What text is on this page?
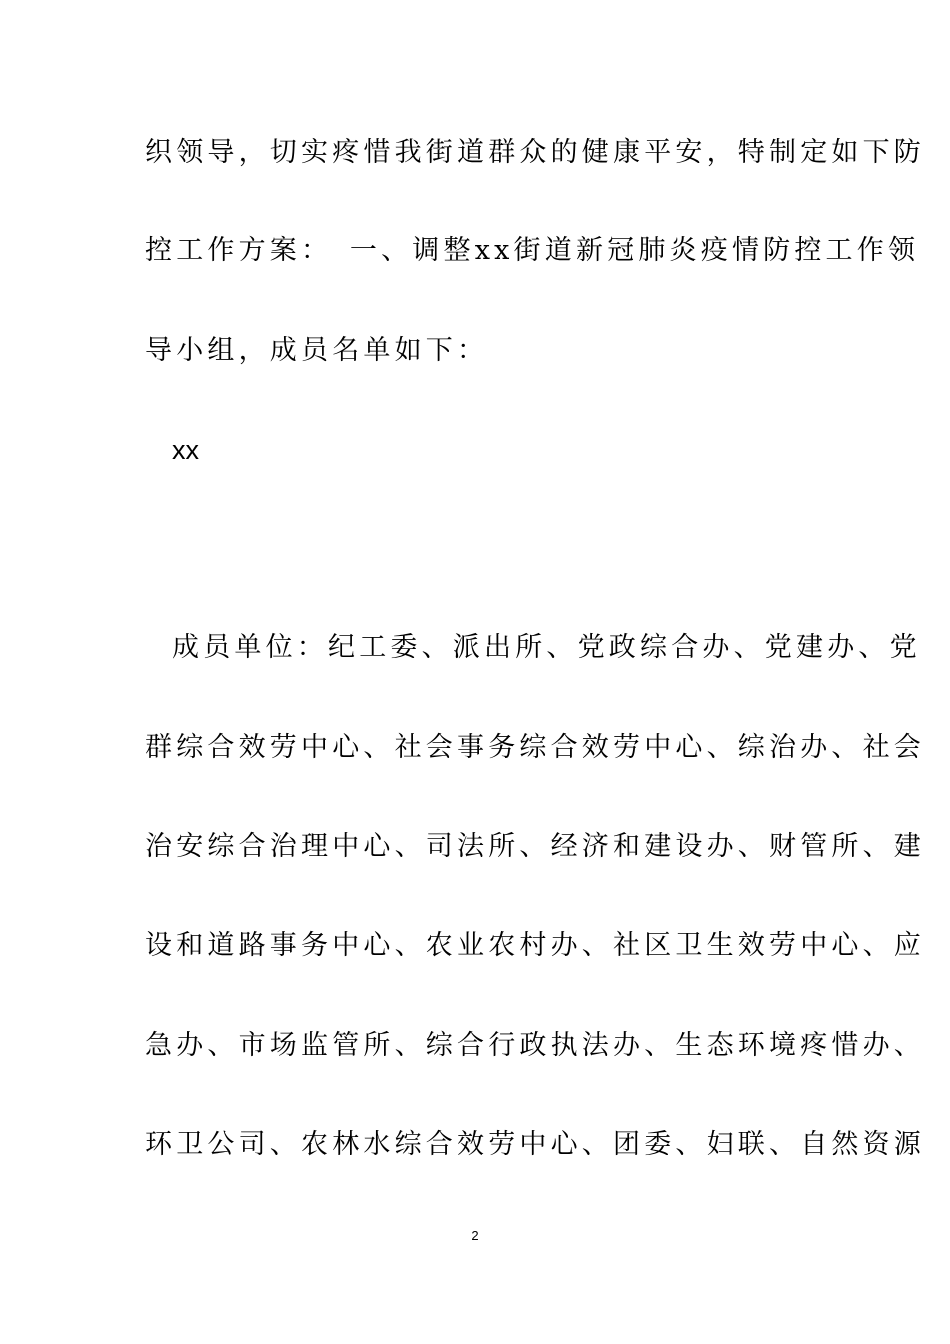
织领导，切实疼惜我街道群众的健康平安，特制定如下防
控工作方案：　一、调整xx街道新冠肺炎疫情防控工作领
导小组，成员名单如下：
xx
成员单位：纪工委、派出所、党政综合办、党建办、党
群综合效劳中心、社会事务综合效劳中心、综治办、社会
治安综合治理中心、司法所、经济和建设办、财管所、建
设和道路事务中心、农业农村办、社区卫生效劳中心、应
急办、市场监管所、综合行政执法办、生态环境疼惜办、
环卫公司、农林水综合效劳中心、团委、妇联、自然资源
2
